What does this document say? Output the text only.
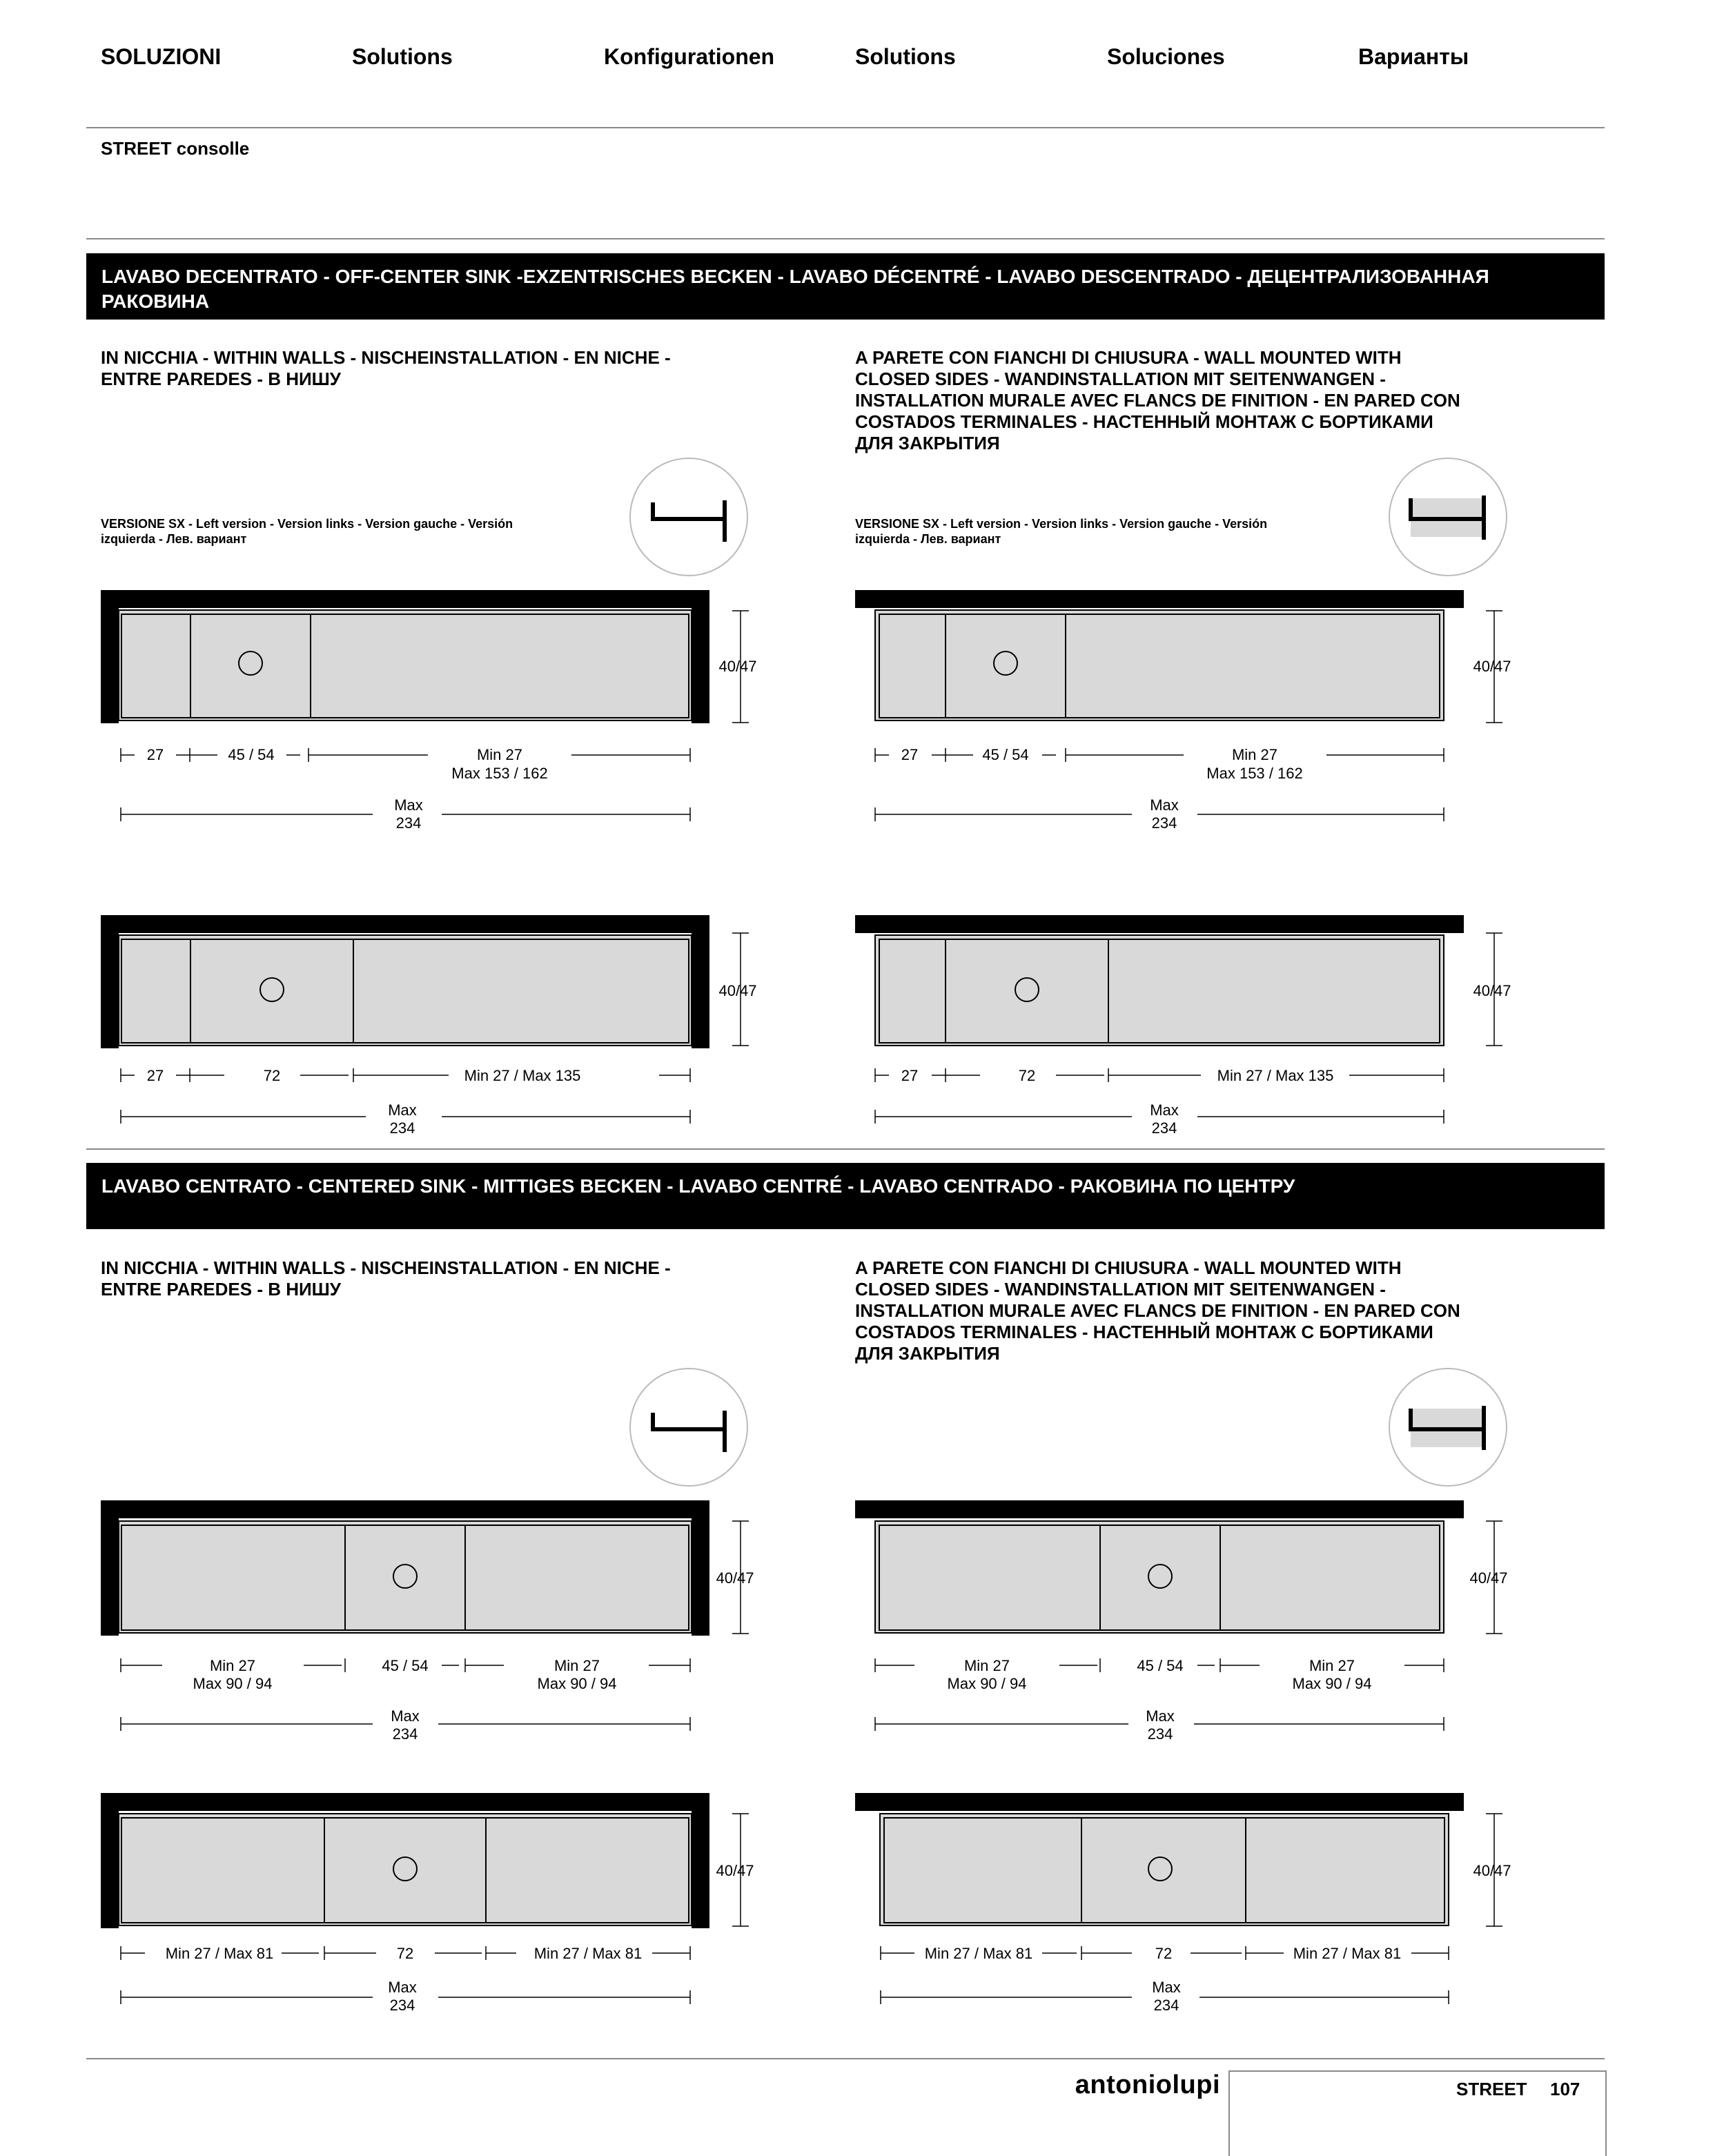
SOLUZIONI	Solutions	Konfigurationen	Solutions	Soluciones	Варианты
STREET consolle
LAVABO DECENTRATO - OFF-CENTER SINK -EXZENTRISCHES BECKEN - LAVABO DÉCENTRÉ - LAVABO DESCENTRADO - ДЕЦЕНТРАЛИЗОВАННАЯ РАКОВИНА
IN NICCHIA - WITHIN WALLS - NISCHEINSTALLATION - EN NICHE -ENTRE PAREDES - В НИШУ
A PARETE CON FIANCHI DI CHIUSURA - WALL MOUNTED WITH CLOSED SIDES - WANDINSTALLATION MIT SEITENWANGEN - INSTALLATION MURALE AVEC FLANCS DE FINITION - EN PARED CON COSTADOS TERMINALES - НАСТЕННЫЙ МОНТАЖ С БОРТИКАМИ ДЛЯ ЗАКРЫТИЯ
VERSIONE SX - Left version - Version links - Version gauche - Versión izquierda - Лев. вариант
VERSIONE SX - Left version - Version links - Version gauche - Versión izquierda - Лев. вариант
LAVABO CENTRATO - CENTERED SINK - MITTIGES BECKEN - LAVABO CENTRÉ - LAVABO CENTRADO - РАКОВИНА ПО ЦЕНТРУ
IN NICCHIA - WITHIN WALLS - NISCHEINSTALLATION - EN NICHE -ENTRE PAREDES - В НИШУ
A PARETE CON FIANCHI DI CHIUSURA - WALL MOUNTED WITH CLOSED SIDES - WANDINSTALLATION MIT SEITENWANGEN - INSTALLATION MURALE AVEC FLANCS DE FINITION - EN PARED CON COSTADOS TERMINALES - НАСТЕННЫЙ МОНТАЖ С БОРТИКАМИ ДЛЯ ЗАКРЫТИЯ
40/47
27	45 / 54	Min 27
Max 153 / 162
Max
234
40/47
27	45 / 54	Min 27
Max 153 / 162
Max
234
40/47
27	72	Min 27 / Max 135
Max
234
40/47
27	72	Min 27 / Max 135
Max
234
40/47
Min 27
Max 90 / 94
45 / 54	Min 27
Max 90 / 94
Max
234
40/47
Min 27
Max 90 / 94
45 / 54	Min 27
Max 90 / 94
Max
234
40/47
Min 27 / Max 81	72	Min 27 / Max 81
Max
234
40/47
Min 27 / Max 81	72	Min 27 / Max 81
Max
234
antoniolupi	STREET 107
